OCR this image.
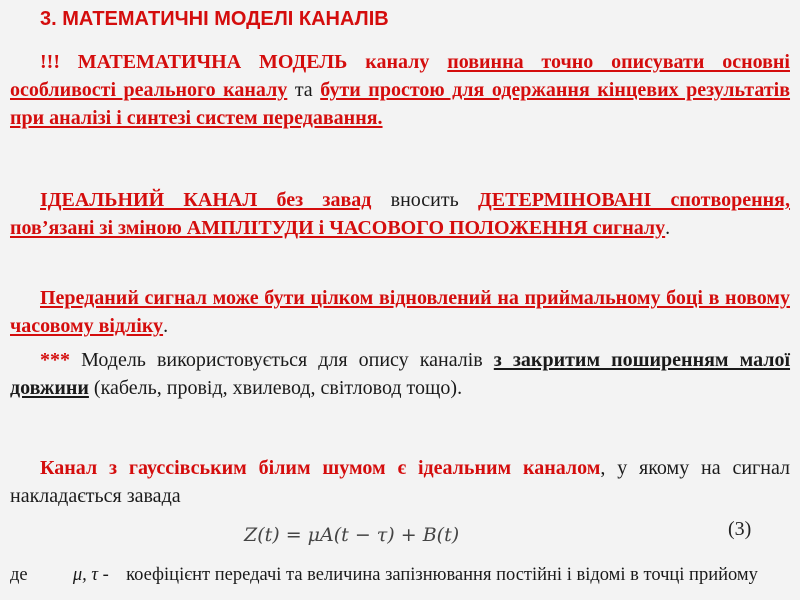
3. МАТЕМАТИЧНІ МОДЕЛІ КАНАЛІВ
!!! МАТЕМАТИЧНА МОДЕЛЬ каналу повинна точно описувати основні особливості реального каналу та бути простою для одержання кінцевих результатів при аналізі і синтезі систем передавання.
ІДЕАЛЬНИЙ КАНАЛ без завад вносить ДЕТЕРМІНОВАНІ спотворення, пов’язані зі зміною АМПЛІТУДИ і ЧАСОВОГО ПОЛОЖЕННЯ сигналу.
Переданий сигнал може бути цілком відновлений на приймальному боці в новому часовому відліку.
*** Модель використовується для опису каналів з закритим поширенням малої довжини (кабель, провід, хвилевод, світловод тощо).
Канал з гауссівським білим шумом є ідеальним каналом, у якому на сигнал накладається завада
Z(t) = μA(t − τ) + B(t)	(3)
де μ, τ - коефіцієнт передачі та величина запізнювання постійні і відомі в точці прийому
